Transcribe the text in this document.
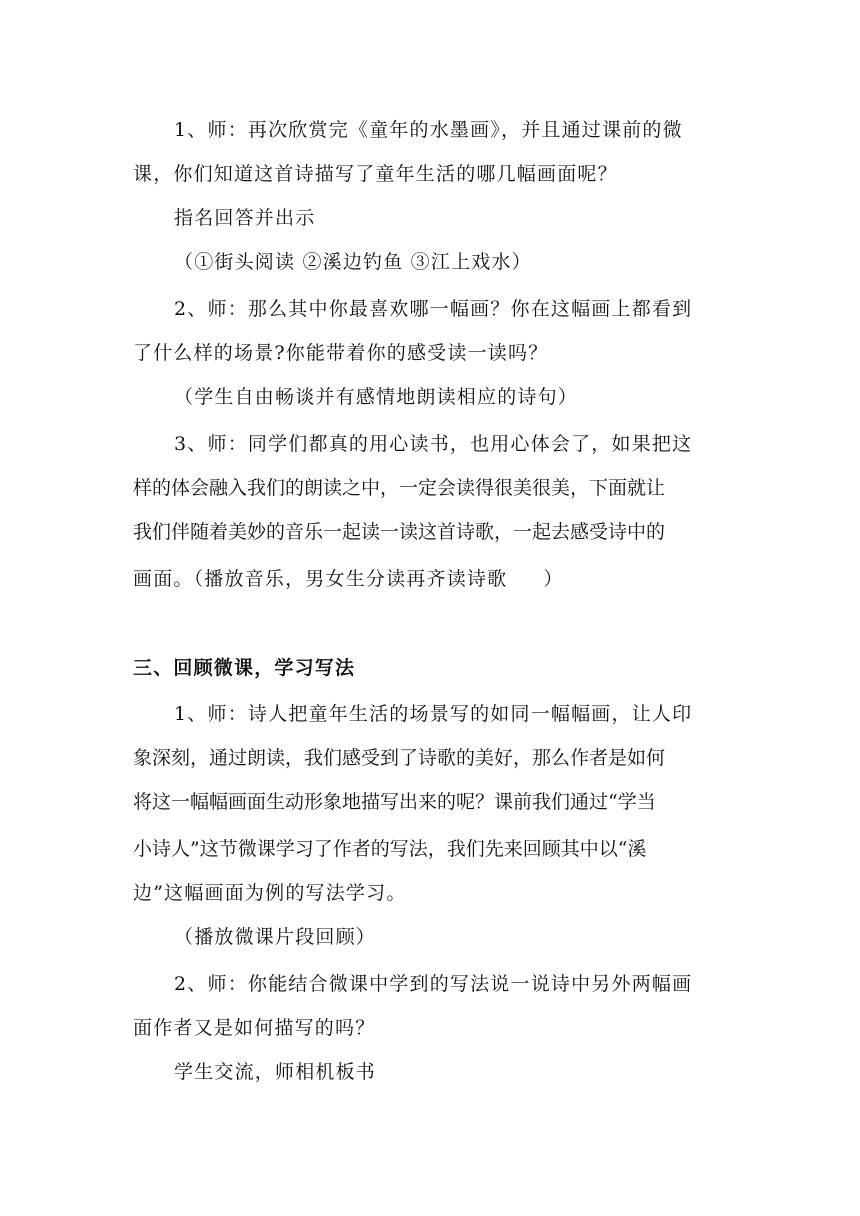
1、师：再次欣赏完《童年的水墨画》，并且通过课前的微
课，你们知道这首诗描写了童年生活的哪几幅画面呢？
指名回答并出示
（①街头阅读 ②溪边钓鱼 ③江上戏水）
2、师：那么其中你最喜欢哪一幅画？你在这幅画上都看到
了什么样的场景?你能带着你的感受读一读吗？
（学生自由畅谈并有感情地朗读相应的诗句）
3、师：同学们都真的用心读书，也用心体会了，如果把这
样的体会融入我们的朗读之中，一定会读得很美很美，下面就让
我们伴随着美妙的音乐一起读一读这首诗歌，一起去感受诗中的
画面。（播放音乐，男女生分读再齐读诗歌     ）
三、回顾微课，学习写法
1、师：诗人把童年生活的场景写的如同一幅幅画，让人印
象深刻，通过朗读，我们感受到了诗歌的美好，那么作者是如何
将这一幅幅画面生动形象地描写出来的呢？课前我们通过“学当
小诗人”这节微课学习了作者的写法，我们先来回顾其中以“溪
边”这幅画面为例的写法学习。
（播放微课片段回顾）
2、师：你能结合微课中学到的写法说一说诗中另外两幅画
面作者又是如何描写的吗？
学生交流，师相机板书
